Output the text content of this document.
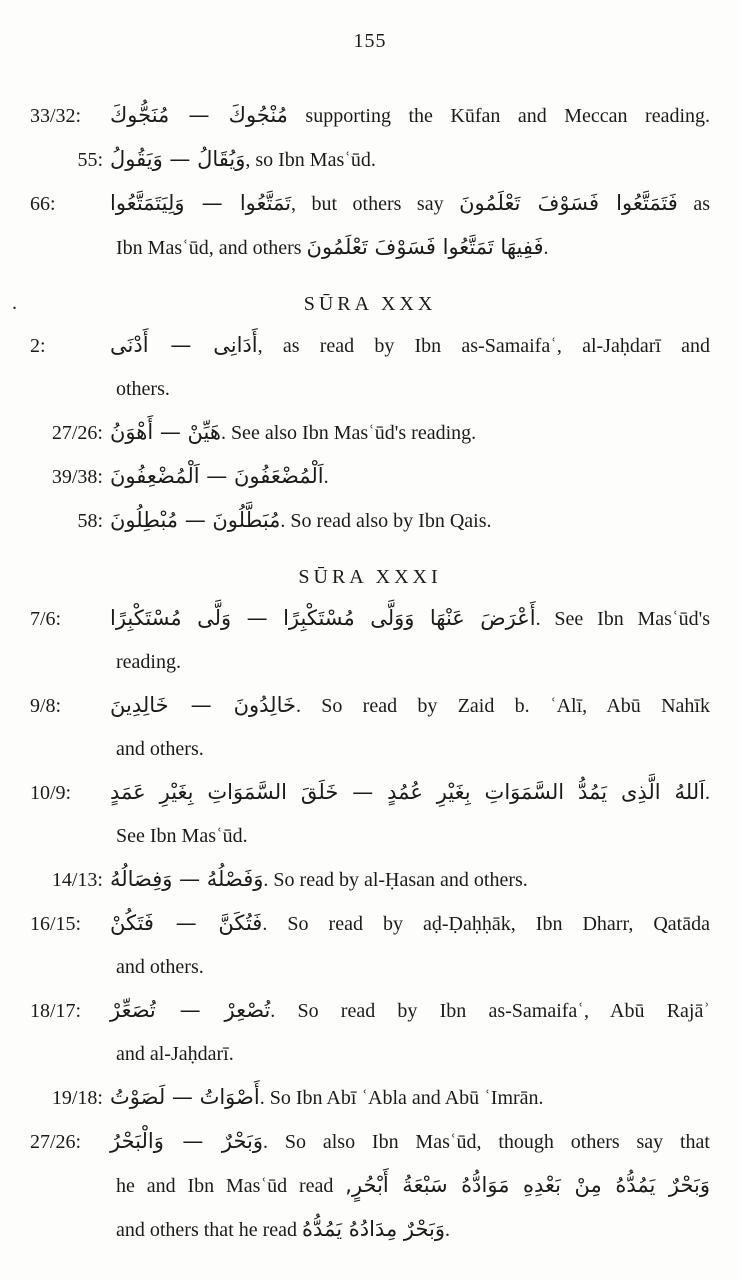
155
.
33/32: مُنْجُوكَ — مُنَجُّوكَ supporting the Kūfan and Meccan reading.
55: وَيُقَالُ — وَيَقُولُ, so Ibn Masʿūd.
66:	تَمَتَّعُوا — وَلِيَتَمَتَّعُوا, but others say فَتَمَتَّعُوا فَسَوْفَ تَعْلَمُونَ as
Ibn Masʿūd, and others فَفِيهَا تَمَتَّعُوا فَسَوْفَ تَعْلَمُونَ.
SŪRA XXX
2:	أَدَانِى — أَدْنَى, as read by Ibn as-Samaifaʿ, al-Jaḥdarī and
others.
27/26: هَيِّنْ — أَهْوَنُ. See also Ibn Masʿūd's reading.
39/38: اَلْمُضْعَفُونَ — اَلْمُضْعِفُونَ.
58: مُبَطَّلُونَ — مُبْطِلُونَ. So read also by Ibn Qais.
SŪRA XXXI
7/6: أَعْرَضَ عَنْهَا وَوَلَّى مُسْتَكْبِرًا — وَلَّى مُسْتَكْبِرًا. See Ibn Masʿūd's
reading.
9/8: خَالِدُونَ — خَالِدِينَ. So read by Zaid b. ʿAlī, Abū Nahīk
and others.
10/9: اَللهُ الَّذِى يَمُدُّ السَّمَوَاتِ بِغَيْرِ عُمُدٍ — خَلَقَ السَّمَوَاتِ بِغَيْرِ عَمَدٍ.
See Ibn Masʿūd.
14/13: وَفَصْلُهُ — وَفِصَالُهُ. So read by al-Ḥasan and others.
16/15: فَتُكَنَّ — فَتَكُنْ. So read by aḍ-Ḍaḥḥāk, Ibn Dharr, Qatāda
and others.
18/17: تُصْعِرْ — تُصَعِّرْ. So read by Ibn as-Samaifaʿ, Abū Rajāʾ
and al-Jaḥdarī.
19/18: أَصْوَاتُ — لَصَوْتُ. So Ibn Abī ʿAbla and Abū ʿImrān.
27/26: وَبَحْرٌ — وَالْبَحْرُ. So also Ibn Masʿūd, though others say that
he and Ibn Masʿūd read وَبَحْرٌ يَمُدُّهُ مِنْ بَعْدِهِ مَوَادُّهُ سَبْعَةُ أَبْحُرٍ,
and others that he read وَبَحْرٌ مِدَادُهُ يَمُدُّهُ.
